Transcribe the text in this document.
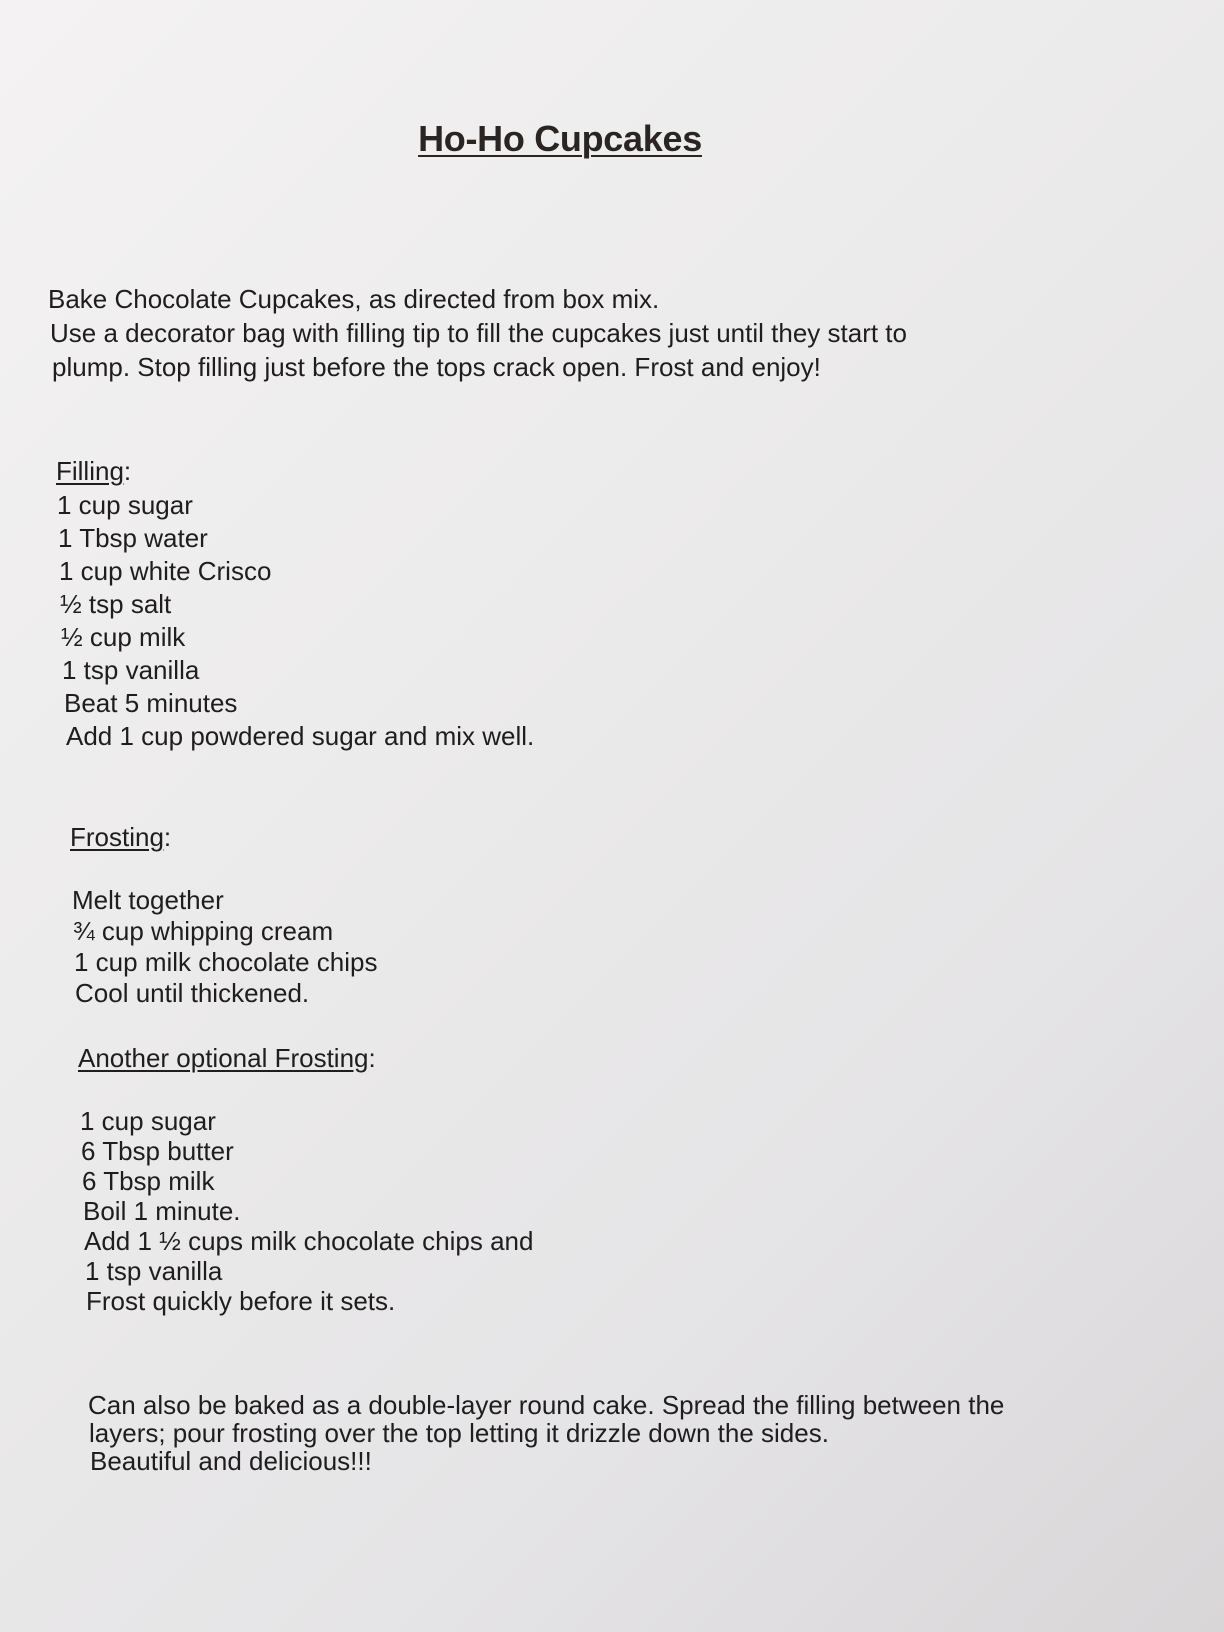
Ho-Ho Cupcakes
Bake Chocolate Cupcakes, as directed from box mix.
Use a decorator bag with filling tip to fill the cupcakes just until they start to
plump. Stop filling just before the tops crack open. Frost and enjoy!
Filling:
1 cup sugar
1 Tbsp water
1 cup white Crisco
½ tsp salt
½ cup milk
1 tsp vanilla
Beat 5 minutes
Add 1 cup powdered sugar and mix well.
Frosting:
Melt together
¾ cup whipping cream
1 cup milk chocolate chips
Cool until thickened.
Another optional Frosting:
1 cup sugar
6 Tbsp butter
6 Tbsp milk
Boil 1 minute.
Add 1 ½ cups milk chocolate chips and
1 tsp vanilla
Frost quickly before it sets.
Can also be baked as a double-layer round cake. Spread the filling between the
layers; pour frosting over the top letting it drizzle down the sides.
Beautiful and delicious!!!
